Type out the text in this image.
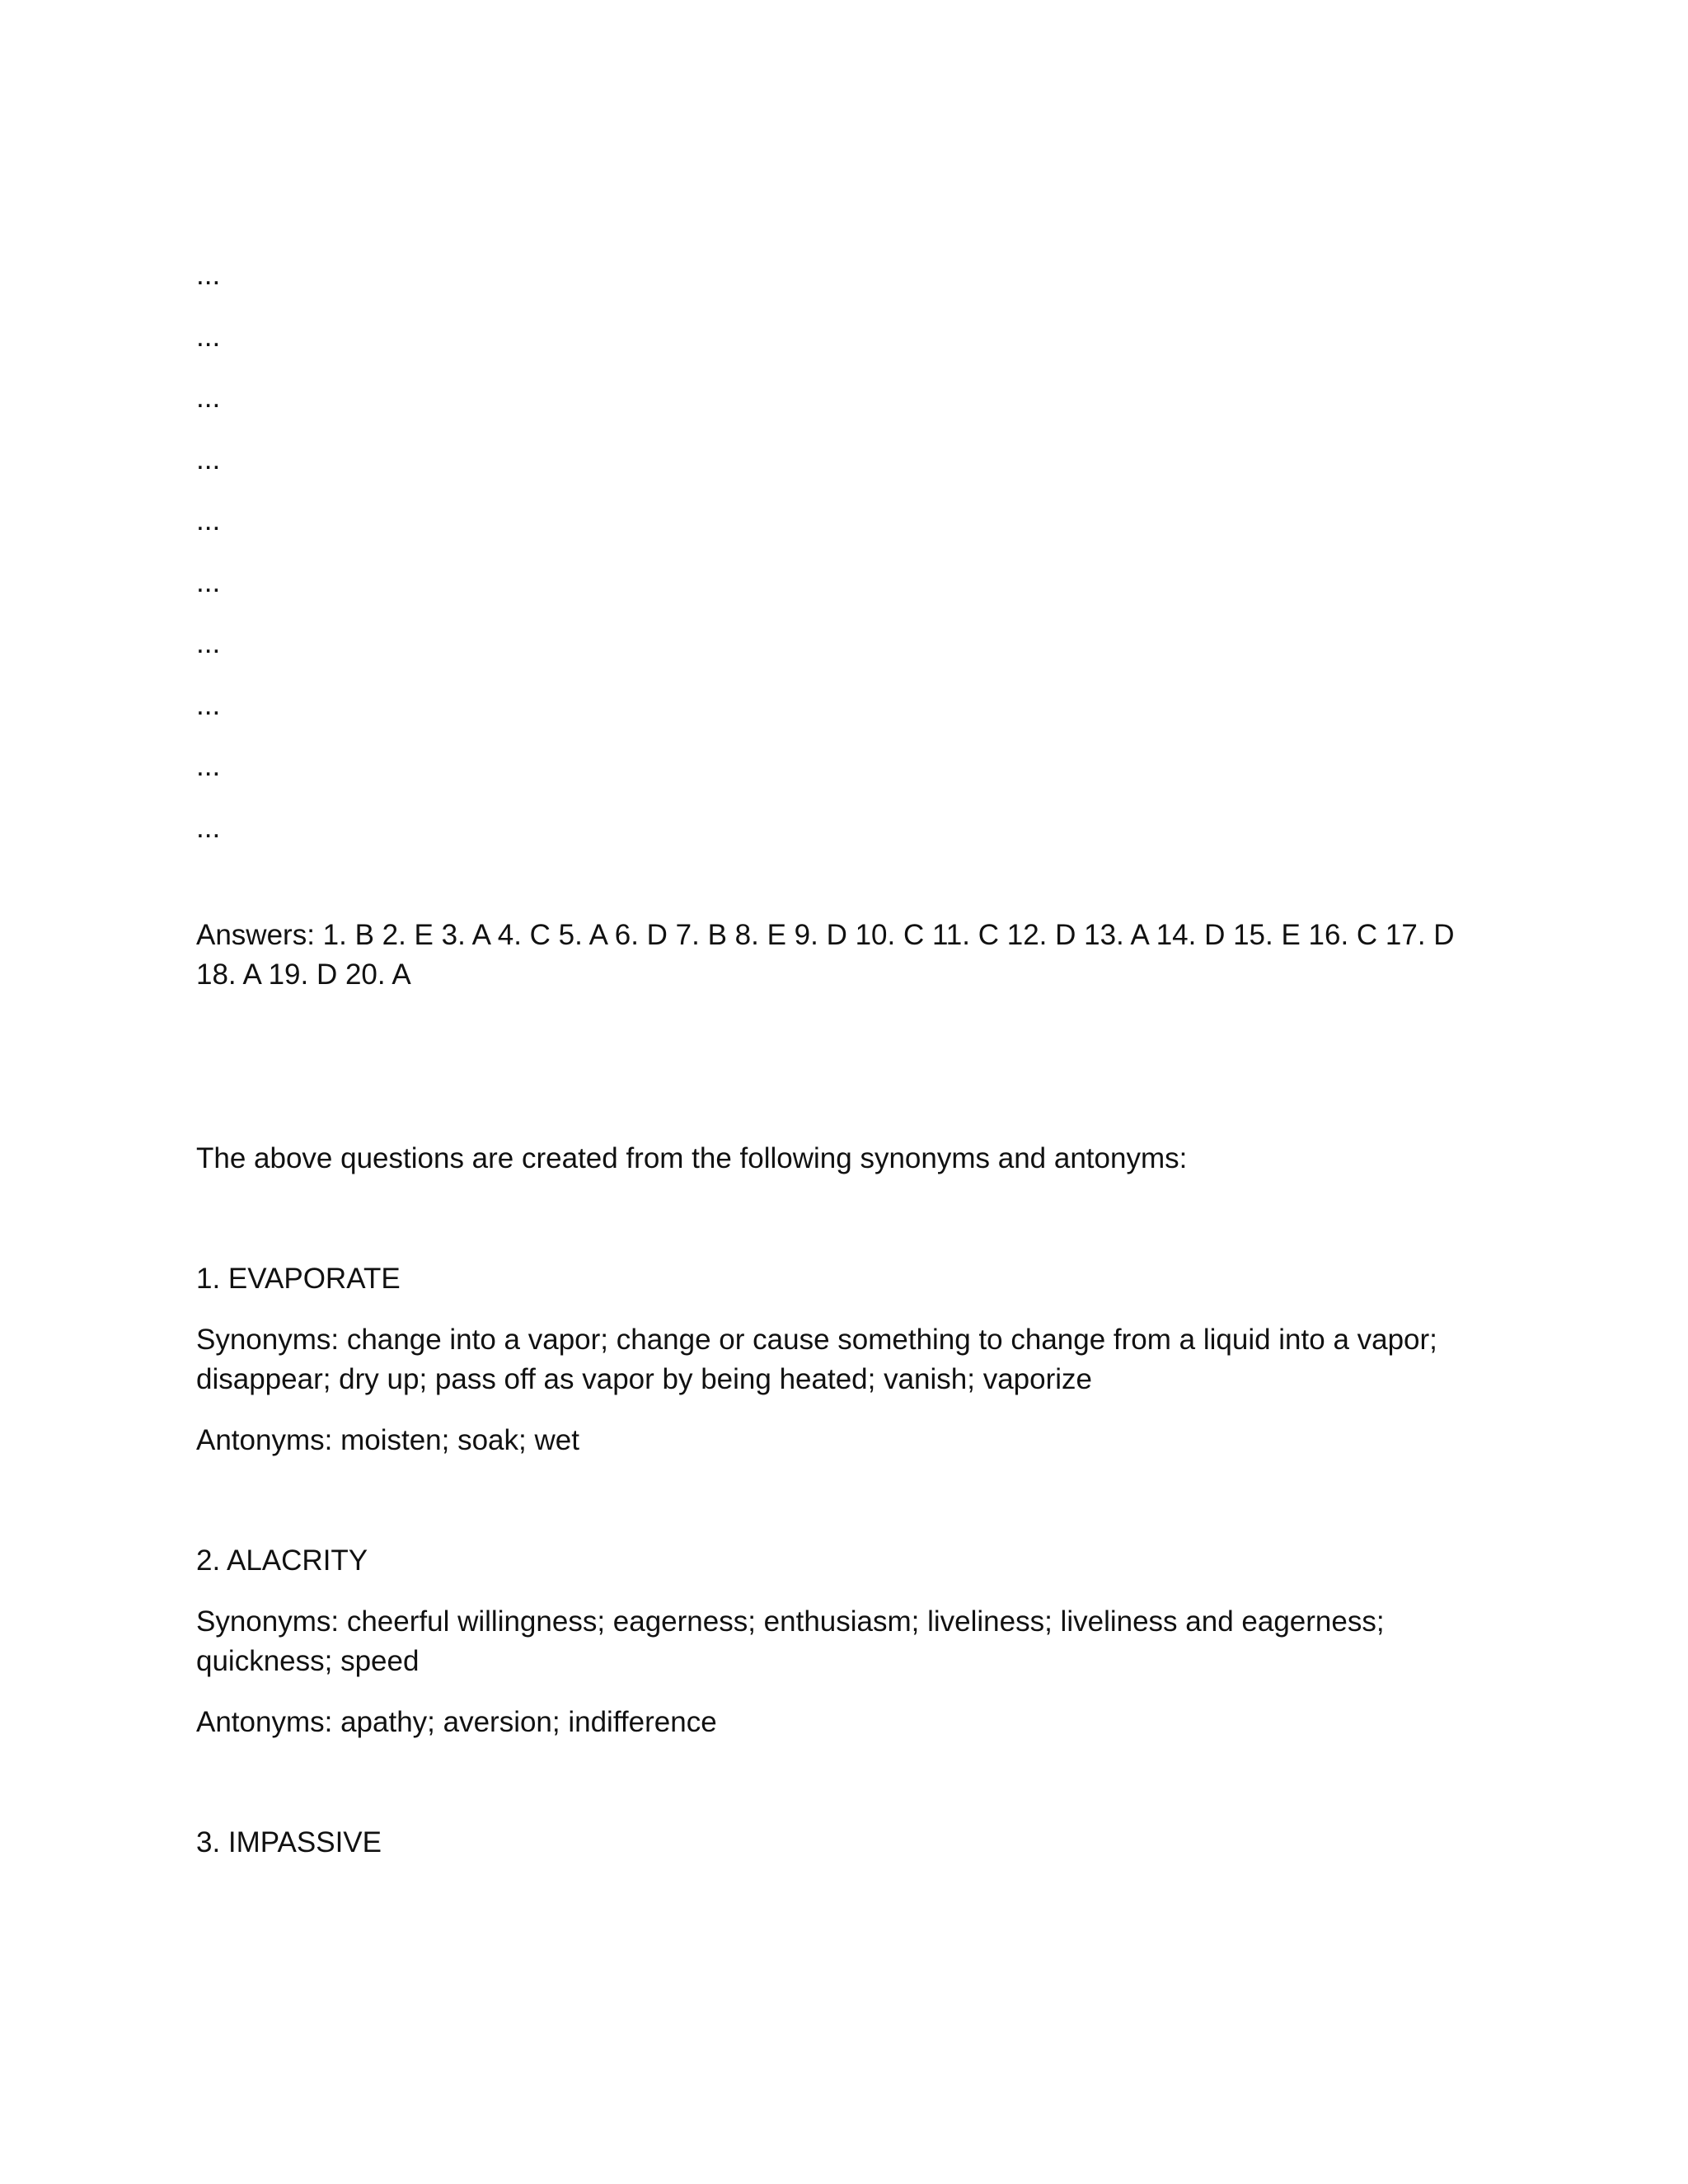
...
...
...
...
...
...
...
...
...
...

Answers: 1. B 2. E 3. A 4. C 5. A 6. D 7. B 8. E 9. D 10. C 11. C 12. D 13. A 14. D 15. E 16. C 17. D 18. A 19. D 20. A

The above questions are created from the following synonyms and antonyms:

1. EVAPORATE

Synonyms: change into a vapor; change or cause something to change from a liquid into a vapor; disappear; dry up; pass off as vapor by being heated; vanish; vaporize

Antonyms: moisten; soak; wet

2. ALACRITY

Synonyms: cheerful willingness; eagerness; enthusiasm; liveliness; liveliness and eagerness; quickness; speed

Antonyms: apathy; aversion; indifference

3. IMPASSIVE
